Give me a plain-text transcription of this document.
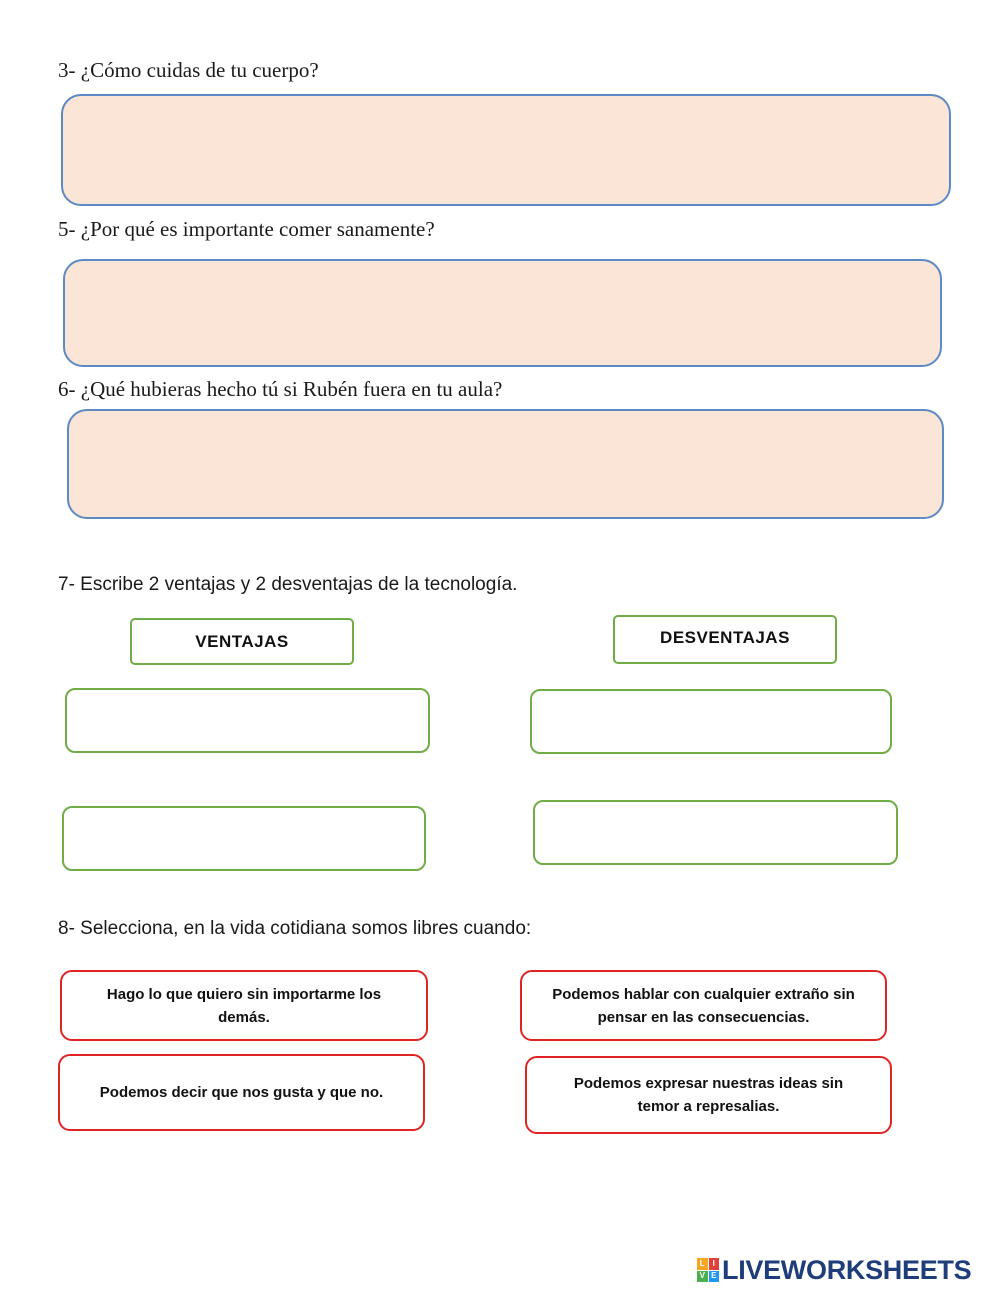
3- ¿Cómo cuidas de tu cuerpo?
5- ¿Por qué es importante comer sanamente?
6- ¿Qué hubieras hecho tú si Rubén fuera en tu aula?
7- Escribe 2 ventajas y 2 desventajas de la tecnología.
VENTAJAS	DESVENTAJAS
8- Selecciona, en la vida cotidiana somos libres cuando:
Hago lo que quiero sin importarme los demás.
Podemos hablar con cualquier extraño sin pensar en las consecuencias.
Podemos decir que nos gusta y que no.
Podemos expresar nuestras ideas sin temor a represalias.
L I
V E LIVEWORKSHEETS
